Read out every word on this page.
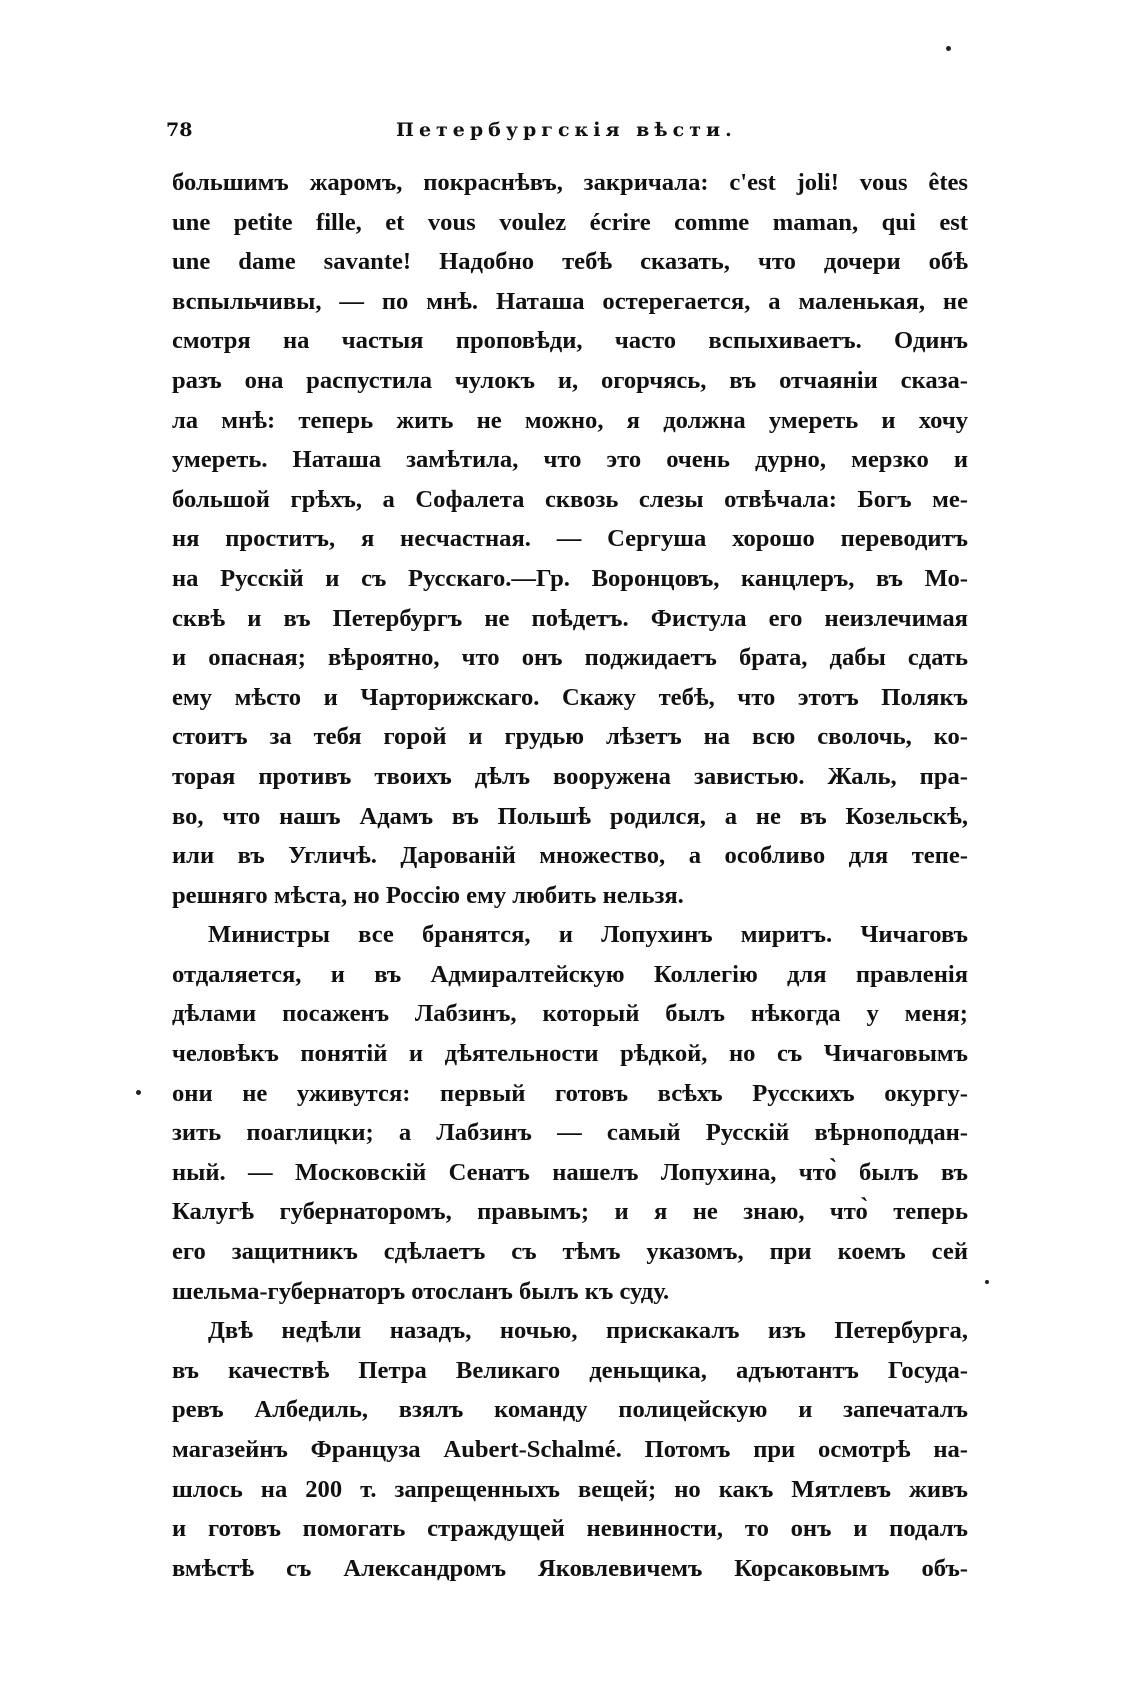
78	Петербургскія вѣсти.

большимъ жаромъ, покраснѣвъ, закричала: c'est joli! vous êtes
une petite fille, et vous voulez écrire comme maman, qui est
une dame savante! Надобно тебѣ сказать, что дочери обѣ
вспыльчивы, — по мнѣ. Наташа остерегается, а маленькая, не
смотря на частыя проповѣди, часто вспыхиваетъ. Одинъ
разъ она распустила чулокъ и, огорчясь, въ отчаяніи сказа-
ла мнѣ: теперь жить не можно, я должна умереть и хочу
умереть. Наташа замѣтила, что это очень дурно, мерзко и
большой грѣхъ, а Софалета сквозь слезы отвѣчала: Богъ ме-
ня проститъ, я несчастная. — Сергуша хорошо переводитъ
на Русскій и съ Русскаго.—Гр. Воронцовъ, канцлеръ, въ Мо-
сквѣ и въ Петербургъ не поѣдетъ. Фистула его неизлечимая
и опасная; вѣроятно, что онъ поджидаетъ брата, дабы сдать
ему мѣсто и Чарторижскаго. Скажу тебѣ, что этотъ Полякъ
стоитъ за тебя горой и грудью лѣзетъ на всю сволочь, ко-
торая противъ твоихъ дѣлъ вооружена завистью. Жаль, пра-
во, что нашъ Адамъ въ Польшѣ родился, а не въ Козельскѣ,
или въ Угличѣ. Дарованій множество, а особливо для тепе-
решняго мѣста, но Россію ему любить нельзя.

Министры все бранятся, и Лопухинъ миритъ. Чичаговъ
отдаляется, и въ Адмиралтейскую Коллегію для правленія
дѣлами посаженъ Лабзинъ, который былъ нѣкогда у меня;
человѣкъ понятій и дѣятельности рѣдкой, но съ Чичаговымъ
они не уживутся: первый готовъ всѣхъ Русскихъ окургу-
зить поаглицки; а Лабзинъ — самый Русскій вѣрноподдан-
ный. — Московскій Сенатъ нашелъ Лопухина, что̀ былъ въ
Калугѣ губернаторомъ, правымъ; и я не знаю, что̀ теперь
его защитникъ сдѣлаетъ съ тѣмъ указомъ, при коемъ сей
шельма-губернаторъ отосланъ былъ къ суду.

Двѣ недѣли назадъ, ночью, прискакалъ изъ Петербурга,
въ качествѣ Петра Великаго деньщика, адъютантъ Госуда-
ревъ Албедиль, взялъ команду полицейскую и запечаталъ
магазейнъ Француза Aubert-Schalmé. Потомъ при осмотрѣ на-
шлось на 200 т. запрещенныхъ вещей; но какъ Мятлевъ живъ
и готовъ помогать страждущей невинности, то онъ и подалъ
вмѣстѣ съ Александромъ Яковлевичемъ Корсаковымъ объ-
